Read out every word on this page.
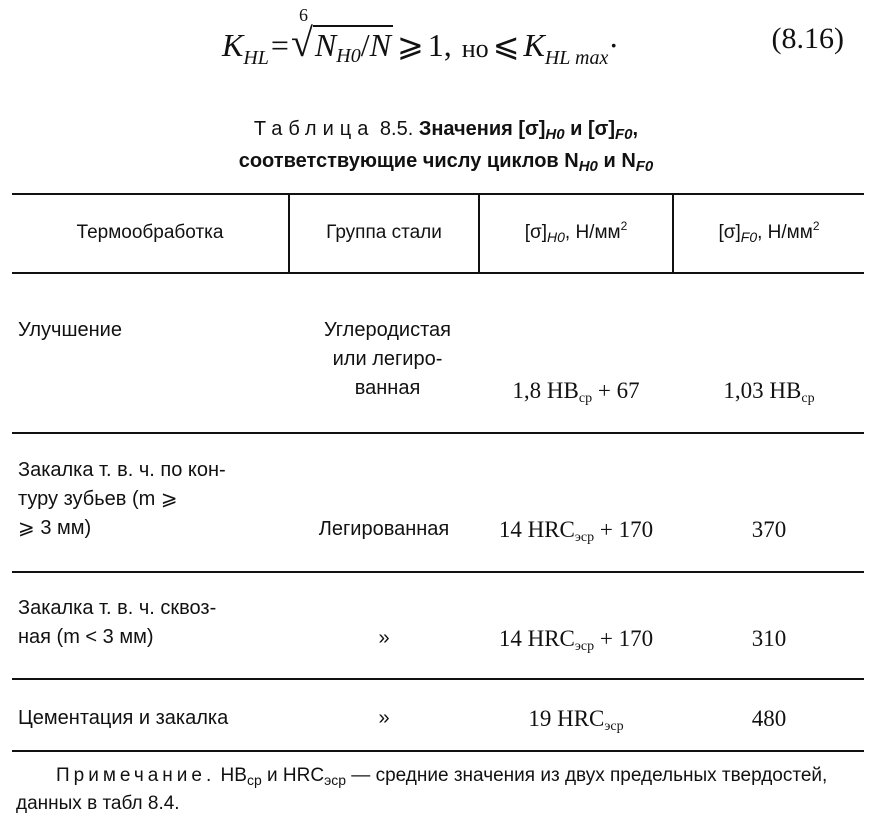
K HL =
6
√NH0/N ⩾ 1, но ⩽ K HL max ·	(8.16)
Таблица 8.5. Значения $[\sigma]_{H0}$ и $[\sigma]_{F0}$,
соответствующие числу циклов $N_{H0}$ и $N_{F0}$
Термообработка	Группа стали	[σ] H0 , Н/мм 2	[σ] F0 , Н/мм 2
Улучшение	Углеродистая
или легиро-
ванная	1,8 HBср + 67	1,03 HBср
Закалка т. в. ч. по кон-
туру зубьев (m ⩾
⩾ 3 мм)	Легированная	14 HRCэср + 170	370
Закалка т. в. ч. сквоз-
ная (m < 3 мм)	»	14 HRCэср + 170	310
Цементация и закалка	»	19 HRCэср	480
Примечание. $HB_{ср}$ и $HRC_{эср}$ — средние значения из двух предельных твердостей, данных в табл 8.4.
